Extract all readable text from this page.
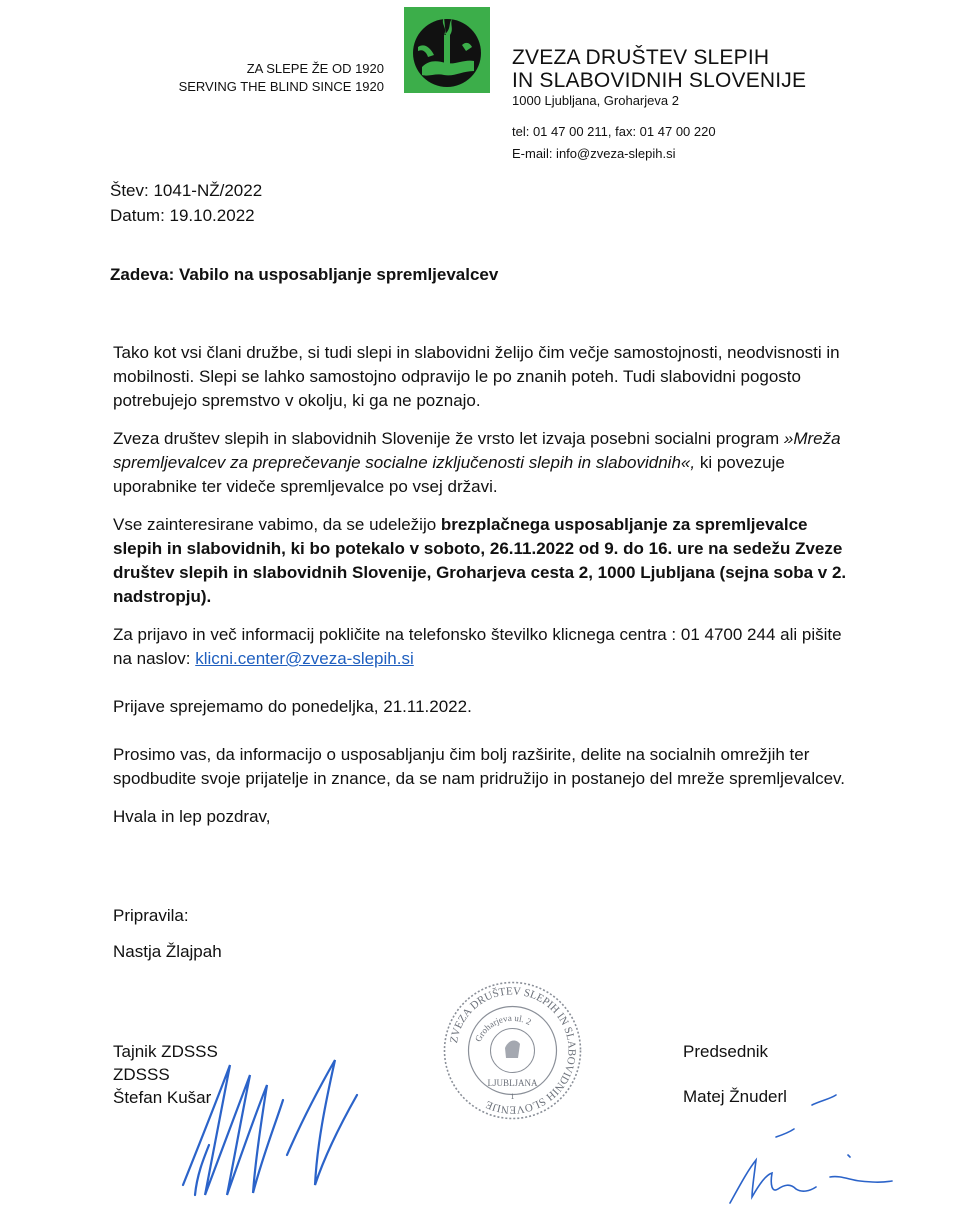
ZA SLEPE ŽE OD 1920
SERVING THE BLIND SINCE 1920
ZVEZA DRUŠTEV SLEPIH
IN SLABOVIDNIH SLOVENIJE
1000 Ljubljana, Groharjeva 2
tel: 01 47 00 211, fax: 01 47 00 220
E-mail: info@zveza-slepih.si
Štev: 1041-NŽ/2022
Datum: 19.10.2022
Zadeva: Vabilo na usposabljanje spremljevalcev

Tako kot vsi člani družbe, si tudi slepi in slabovidni želijo čim večje samostojnosti, neodvisnosti in mobilnosti. Slepi se lahko samostojno odpravijo le po znanih poteh. Tudi slabovidni pogosto potrebujejo spremstvo v okolju, ki ga ne poznajo.

Zveza društev slepih in slabovidnih Slovenije že vrsto let izvaja posebni socialni program »Mreža spremljevalcev za preprečevanje socialne izključenosti slepih in slabovidnih«, ki povezuje uporabnike ter videče spremljevalce po vsej državi.

Vse zainteresirane vabimo, da se udeležijo brezplačnega usposabljanje za spremljevalce slepih in slabovidnih, ki bo potekalo v soboto, 26.11.2022 od 9. do 16. ure na sedežu Zveze društev slepih in slabovidnih Slovenije, Groharjeva cesta 2, 1000 Ljubljana (sejna soba v 2. nadstropju).

Za prijavo in več informacij pokličite na telefonsko številko klicnega centra : 01 4700 244 ali pišite na naslov: klicni.center@zveza-slepih.si

Prijave sprejemamo do ponedeljka, 21.11.2022.

Prosimo vas, da informacijo o usposabljanju čim bolj razširite, delite na socialnih omrežjih ter spodbudite svoje prijatelje in znance, da se nam pridružijo in postanejo del mreže spremljevalcev.

Hvala in lep pozdrav,

Pripravila:
Nastja Žlajpah
Tajnik ZDSSS
ZDSSS
Štefan Kušar
ZVEZA DRUŠTEV SLEPIH IN SLABOVIDNIH SLOVENIJE
Groharjeva ul. 2
LJUBLJANA
1
Predsednik
Matej Žnuderl
